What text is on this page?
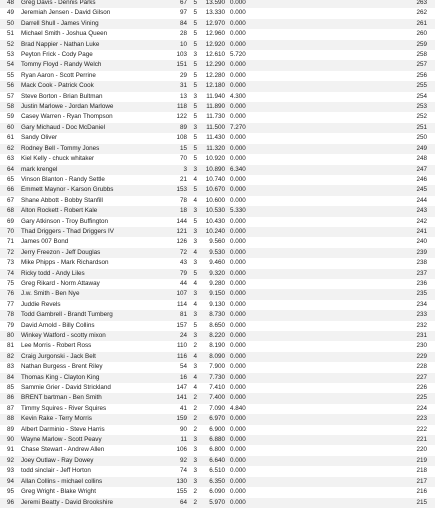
48	Greg Davis - Dennis Parks	67	5	13.590	0.000		263
49	Jeremiah Jensen - David Gilson	97	5	13.330	0.000		262
50	Darrell Shull - James Vining	84	5	12.970	0.000		261
51	Michael Smith - Joshua Queen	28	5	12.960	0.000		260
52	Brad Nappier - Nathan Luke	10	5	12.920	0.000		259
53	Peyton Frick - Cody Page	103	3	12.610	5.720		258
54	Tommy Floyd - Randy Welch	151	5	12.290	0.000		257
55	Ryan Aaron - Scott Perrine	29	5	12.280	0.000		256
56	Mack Cook - Patrick Cook	31	5	12.180	0.000		255
57	Steve Borton - Brian Bultman	13	3	11.940	4.300		254
58	Justin Marlowe - Jordan Marlowe	118	5	11.890	0.000		253
59	Casey Warren - Ryan Thompson	122	5	11.730	0.000		252
60	Gary Michaud - Doc McDaniel	89	3	11.500	7.270		251
61	Sandy Oliver	108	5	11.430	0.000		250
62	Rodney Bell - Tommy Jones	15	5	11.320	0.000		249
63	Kiel Kelly - chuck whitaker	70	5	10.920	0.000		248
64	mark krengel	3	3	10.890	6.340		247
65	Vinson Blanton - Randy Settle	21	4	10.740	0.000		246
66	Emmett Maynor - Karson Grubbs	153	5	10.670	0.000		245
67	Shane Abbott - Bobby Stanfill	78	4	10.600	0.000		244
68	Alton Rockett - Robert Kale	18	3	10.530	5.330		243
69	Gary Atkinson - Troy Buffington	144	5	10.430	0.000		242
70	Thad Driggers - Thad Driggers IV	121	3	10.240	0.000		241
71	James 007 Bond	126	3	9.560	0.000		240
72	Jerry Freezon - Jeff Douglas	72	4	9.530	0.000		239
73	Mike Phipps - Mark Richardson	43	3	9.460	0.000		238
74	Ricky todd - Andy Liles	79	5	9.320	0.000		237
75	Greg Rikard - Norm Attaway	44	4	9.280	0.000		236
76	J.w. Smith - Ben Nye	107	3	9.150	0.000		235
77	Juddie Revels	114	4	9.130	0.000		234
78	Todd Gambrell - Brandt Tumberg	81	3	8.730	0.000		233
79	David Arnold - Billy Collins	157	5	8.650	0.000		232
80	Winkey Watford - scotty mixon	24	3	8.220	0.000		231
81	Lee Morris - Robert Ross	110	2	8.190	0.000		230
82	Craig Jurgonski - Jack Belt	116	4	8.090	0.000		229
83	Nathan Burgess - Brent Riley	54	3	7.900	0.000		228
84	Thomas King - Clayton King	16	4	7.730	0.000		227
85	Sammie Grier - David Strickland	147	4	7.410	0.000		226
86	BRENT bartman - Ben Smith	141	2	7.400	0.000		225
87	Timmy Squires - River Squires	41	2	7.090	4.840		224
88	Kevin Rake - Terry Morris	159	2	6.970	0.000		223
89	Albert Darminio - Steve Harris	90	2	6.900	0.000		222
90	Wayne Marlow - Scott Peavy	11	3	6.880	0.000		221
91	Chase Stewart - Andrew Allen	106	3	6.800	0.000		220
92	Joey Outlaw - Ray Dowey	92	3	6.640	0.000		219
93	todd sinclair - Jeff Horton	74	3	6.510	0.000		218
94	Allan Collins - michael collins	130	3	6.350	0.000		217
95	Greg Wright - Blake Wright	155	2	6.090	0.000		216
96	Jeremi Beatty - David Brookshire	64	2	5.970	0.000		215
